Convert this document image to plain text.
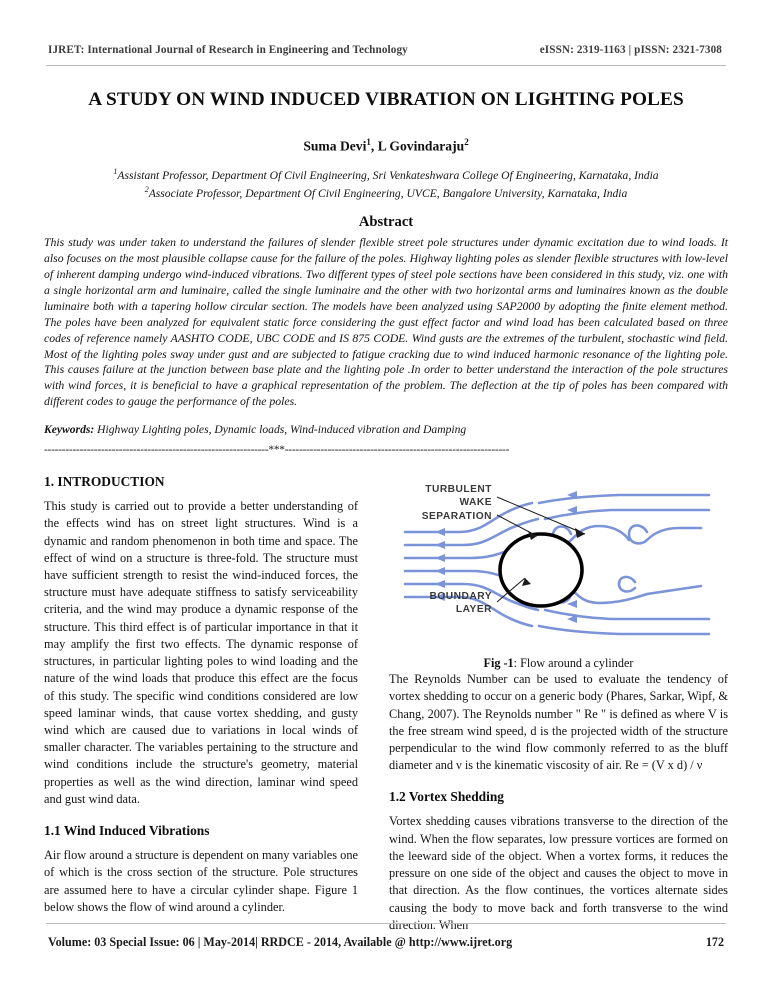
IJRET: International Journal of Research in Engineering and Technology	eISSN: 2319-1163 | pISSN: 2321-7308
A STUDY ON WIND INDUCED VIBRATION ON LIGHTING POLES
Suma Devi$^1$, L Govindaraju$^2$
$^1$Assistant Professor, Department Of Civil Engineering, Sri Venkateshwara College Of Engineering, Karnataka, India
$^2$Associate Professor, Department Of Civil Engineering, UVCE, Bangalore University, Karnataka, India
Abstract

This study was under taken to understand the failures of slender flexible street pole structures under dynamic excitation due to wind loads. It also focuses on the most plausible collapse cause for the failure of the poles. Highway lighting poles as slender flexible structures with low-level of inherent damping undergo wind-induced vibrations. Two different types of steel pole sections have been considered in this study, viz. one with a single horizontal arm and luminaire, called the single luminaire and the other with two horizontal arms and luminaires known as the double luminaire both with a tapering hollow circular section. The models have been analyzed using SAP2000 by adopting the finite element method. The poles have been analyzed for equivalent static force considering the gust effect factor and wind load has been calculated based on three codes of reference namely AASHTO CODE, UBC CODE and IS 875 CODE. Wind gusts are the extremes of the turbulent, stochastic wind field. Most of the lighting poles sway under gust and are subjected to fatigue cracking due to wind induced harmonic resonance of the lighting pole. This causes failure at the junction between base plate and the lighting pole .In order to better understand the interaction of the pole structures with wind forces, it is beneficial to have a graphical representation of the problem. The deflection at the tip of poles has been compared with different codes to gauge the performance of the poles.

Keywords: Highway Lighting poles, Dynamic loads, Wind-induced vibration and Damping

---------------------------------------------------------------***---------------------------------------------------------------
1. INTRODUCTION

This study is carried out to provide a better understanding of the effects wind has on street light structures. Wind is a dynamic and random phenomenon in both time and space. The effect of wind on a structure is three-fold. The structure must have sufficient strength to resist the wind-induced forces, the structure must have adequate stiffness to satisfy serviceability criteria, and the wind may produce a dynamic response of the structure. This third effect is of particular importance in that it may amplify the first two effects. The dynamic response of structures, in particular lighting poles to wind loading and the nature of the wind loads that produce this effect are the focus of this study. The specific wind conditions considered are low speed laminar winds, that cause vortex shedding, and gusty wind which are caused due to variations in local winds of smaller character. The variables pertaining to the structure and wind conditions include the structure's geometry, material properties as well as the wind direction, laminar wind speed and gust wind data.

1.1 Wind Induced Vibrations

Air flow around a structure is dependent on many variables one of which is the cross section of the structure. Pole structures are assumed here to have a circular cylinder shape. Figure 1 below shows the flow of wind around a cylinder.

TURBULENT
WAKE
SEPARATION
BOUNDARY
LAYER
Fig -1: Flow around a cylinder

The Reynolds Number can be used to evaluate the tendency of vortex shedding to occur on a generic body (Phares, Sarkar, Wipf, & Chang, 2007). The Reynolds number " Re " is defined as where V is the free stream wind speed, d is the projected width of the structure perpendicular to the wind flow commonly referred to as the bluff diameter and ν is the kinematic viscosity of air. Re = (V x d) / ν

1.2 Vortex Shedding

Vortex shedding causes vibrations transverse to the direction of the wind. When the flow separates, low pressure vortices are formed on the leeward side of the object. When a vortex forms, it reduces the pressure on one side of the object and causes the object to move in that direction. As the flow continues, the vortices alternate sides causing the body to move back and forth transverse to the wind direction. When

Volume: 03 Special Issue: 06 | May-2014| RRDCE - 2014, Available @ http://www.ijret.org	172
